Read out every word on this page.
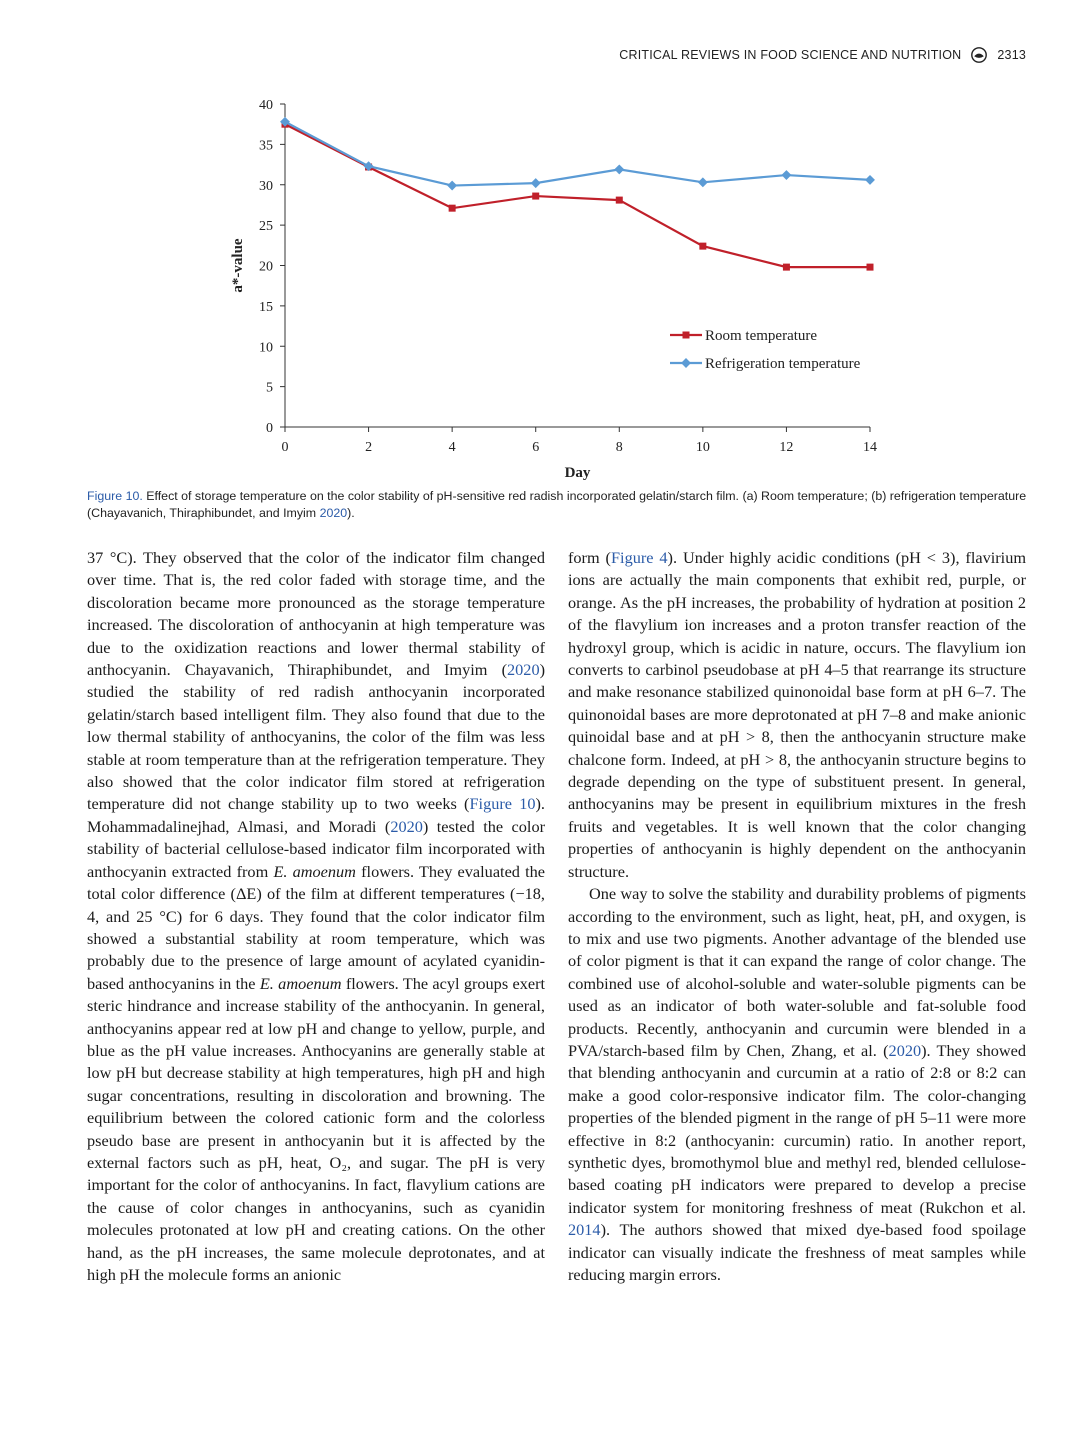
CRITICAL REVIEWS IN FOOD SCIENCE AND NUTRITION	2313
0
5
10
15
20
25
30
35
40
0	2	4	6	8	10	12	14
Day
a*-value
Room temperature
Refrigeration temperature
Figure 10. Effect of storage temperature on the color stability of pH-sensitive red radish incorporated gelatin/starch film. (a) Room temperature; (b) refrigeration temperature (Chayavanich, Thiraphibundet, and Imyim 2020).

37 °C). They observed that the color of the indicator film changed over time. That is, the red color faded with storage time, and the discoloration became more pronounced as the storage temperature increased. The discoloration of anthocyanin at high temperature was due to the oxidization reactions and lower thermal stability of anthocyanin. Chayavanich, Thiraphibundet, and Imyim (2020) studied the stability of red radish anthocyanin incorporated gelatin/starch based intelligent film. They also found that due to the low thermal stability of anthocyanins, the color of the film was less stable at room temperature than at the refrigeration temperature. They also showed that the color indicator film stored at refrigeration temperature did not change stability up to two weeks (Figure 10). Mohammadalinejhad, Almasi, and Moradi (2020) tested the color stability of bacterial cellulose-based indicator film incorporated with anthocyanin extracted from E. amoenum flowers. They evaluated the total color difference (ΔE) of the film at different temperatures (−18, 4, and 25 °C) for 6 days. They found that the color indicator film showed a substantial stability at room temperature, which was probably due to the presence of large amount of acylated cyanidin-based anthocyanins in the E. amoenum flowers. The acyl groups exert steric hindrance and increase stability of the anthocyanin. In general, anthocyanins appear red at low pH and change to yellow, purple, and blue as the pH value increases. Anthocyanins are generally stable at low pH but decrease stability at high temperatures, high pH and high sugar concentrations, resulting in discoloration and browning. The equilibrium between the colored cationic form and the colorless pseudo base are present in anthocyanin but it is affected by the external factors such as pH, heat, O₂, and sugar. The pH is very important for the color of anthocyanins. In fact, flavylium cations are the cause of color changes in anthocyanins, such as cyanidin molecules protonated at low pH and creating cations. On the other hand, as the pH increases, the same molecule deprotonates, and at high pH the molecule forms an anionic

form (Figure 4). Under highly acidic conditions (pH < 3), flavirium ions are actually the main components that exhibit red, purple, or orange. As the pH increases, the probability of hydration at position 2 of the flavylium ion increases and a proton transfer reaction of the hydroxyl group, which is acidic in nature, occurs. The flavylium ion converts to carbinol pseudobase at pH 4–5 that rearrange its structure and make resonance stabilized quinonoidal base form at pH 6–7. The quinonoidal bases are more deprotonated at pH 7–8 and make anionic quinoidal base and at pH > 8, then the anthocyanin structure make chalcone form. Indeed, at pH > 8, the anthocyanin structure begins to degrade depending on the type of substituent present. In general, anthocyanins may be present in equilibrium mixtures in the fresh fruits and vegetables. It is well known that the color changing properties of anthocyanin is highly dependent on the anthocyanin structure.

One way to solve the stability and durability problems of pigments according to the environment, such as light, heat, pH, and oxygen, is to mix and use two pigments. Another advantage of the blended use of color pigment is that it can expand the range of color change. The combined use of alcohol-soluble and water-soluble pigments can be used as an indicator of both water-soluble and fat-soluble food products. Recently, anthocyanin and curcumin were blended in a PVA/starch-based film by Chen, Zhang, et al. (2020). They showed that blending anthocyanin and curcumin at a ratio of 2:8 or 8:2 can make a good color-responsive indicator film. The color-changing properties of the blended pigment in the range of pH 5–11 were more effective in 8:2 (anthocyanin: curcumin) ratio. In another report, synthetic dyes, bromothymol blue and methyl red, blended cellulose-based coating pH indicators were prepared to develop a precise indicator system for monitoring freshness of meat (Rukchon et al. 2014). The authors showed that mixed dye-based food spoilage indicator can visually indicate the freshness of meat samples while reducing margin errors.
